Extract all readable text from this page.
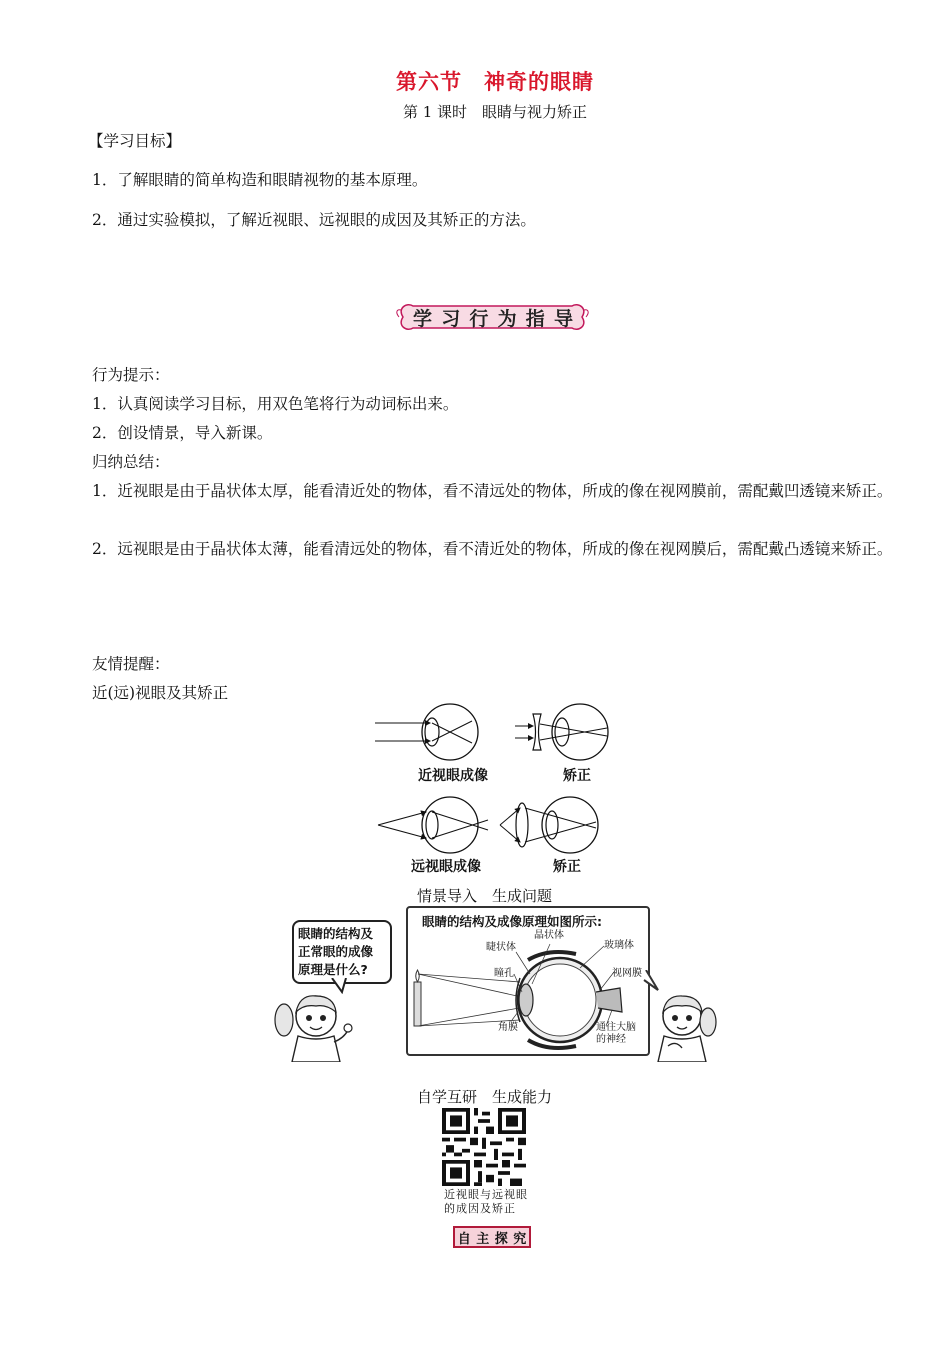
第六节　神奇的眼睛
第 1 课时　眼睛与视力矫正
【学习目标】
1．了解眼睛的简单构造和眼睛视物的基本原理。
2．通过实验模拟，了解近视眼、远视眼的成因及其矫正的方法。
学 习 行 为 指 导
行为提示：
1．认真阅读学习目标，用双色笔将行为动词标出来。
2．创设情景，导入新课。
归纳总结：
1．近视眼是由于晶状体太厚，能看清近处的物体，看不清远处的物体，所成的像在视网膜前，需配戴凹透镜来矫正。
2．远视眼是由于晶状体太薄，能看清远处的物体，看不清近处的物体，所成的像在视网膜后，需配戴凸透镜来矫正。
友情提醒：
近(远)视眼及其矫正
近视眼成像	矫正
远视眼成像	矫正
情景导入　生成问题
眼睛的结构及
正常眼的成像
原理是什么?
眼睛的结构及成像原理如图所示:
睫状体
晶状体
玻璃体
瞳孔	视网膜
角膜	通往大脑
的神经
自学互研　生成能力
近视眼与远视眼
的成因及矫正
自 主 探 究
